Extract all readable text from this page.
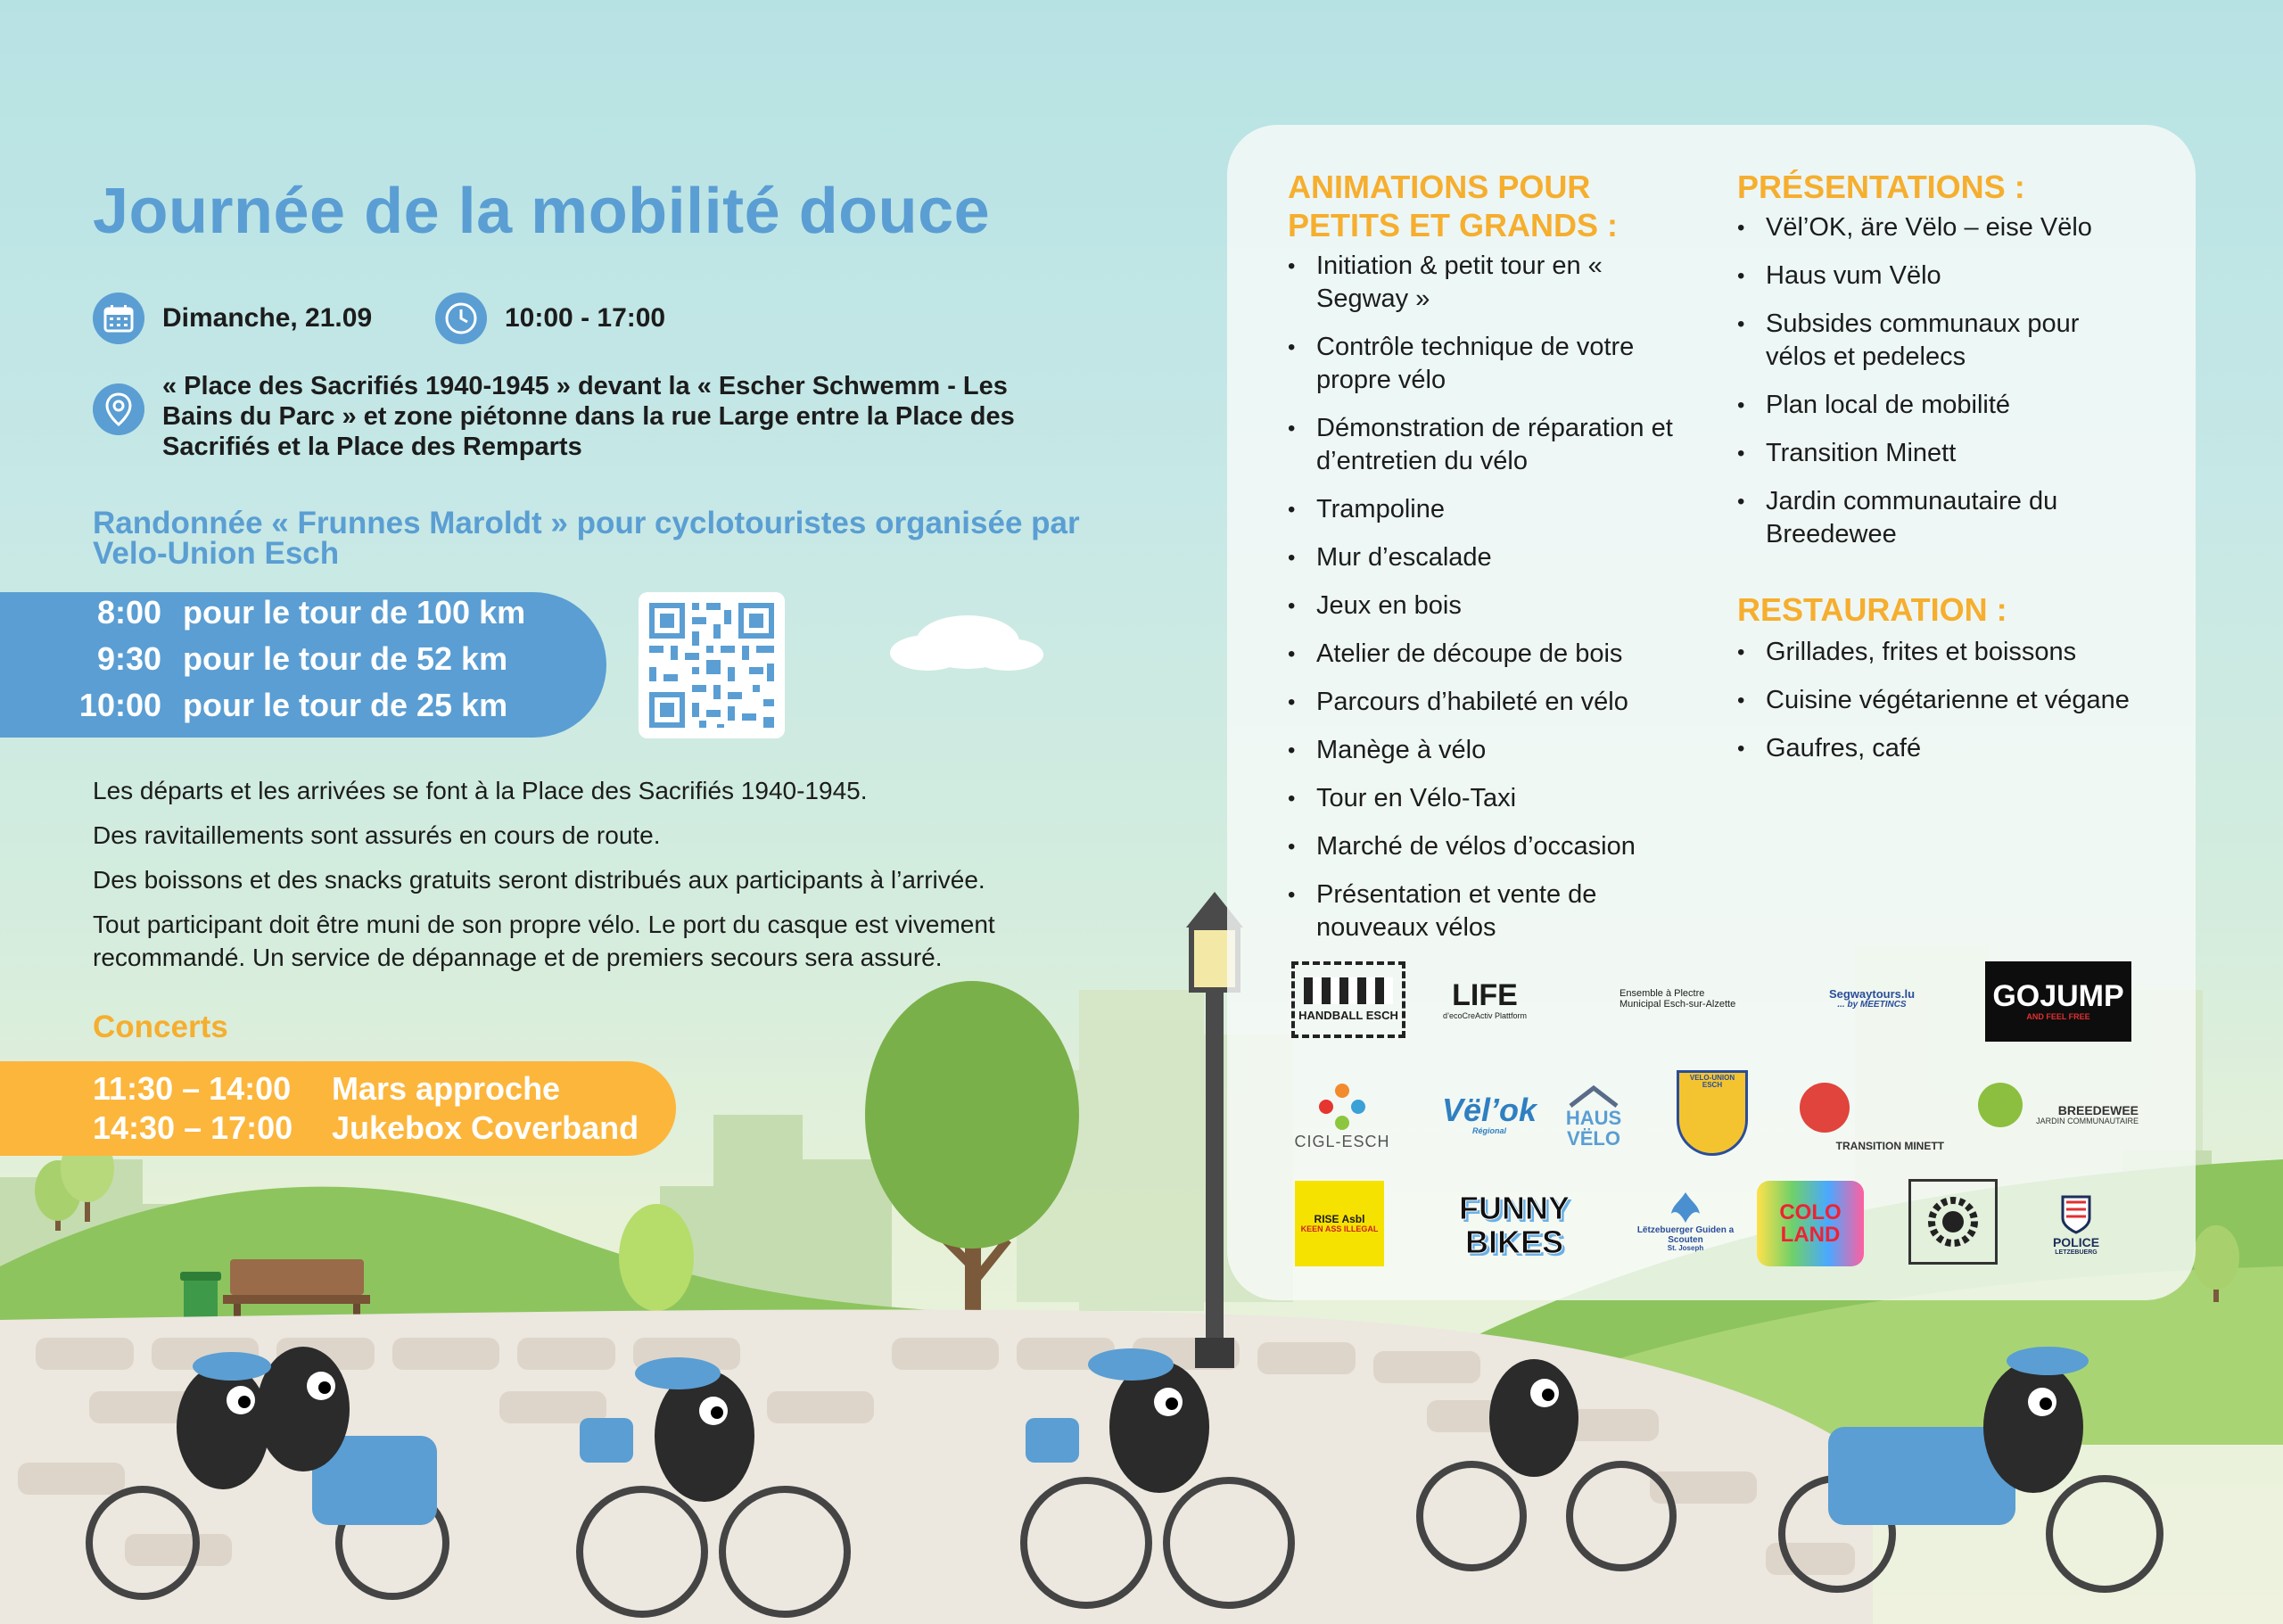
Journée de la mobilité douce
Dimanche, 21.09	10:00 - 17:00
« Place des Sacrifiés 1940-1945 » devant la « Escher Schwemm - Les Bains du Parc » et zone piétonne dans la rue Large entre la Place des Sacrifiés et la Place des Remparts
Randonnée « Frunnes Maroldt » pour cyclotouristes organisée par Velo-Union Esch
8:00 pour le tour de 100 km
9:30 pour le tour de 52 km
10:00 pour le tour de 25 km

Les départs et les arrivées se font à la Place des Sacrifiés 1940-1945.

Des ravitaillements sont assurés en cours de route.

Des boissons et des snacks gratuits seront distribués aux participants à l’arrivée.

Tout participant doit être muni de son propre vélo. Le port du casque est vivement recommandé. Un service de dépannage et de premiers secours sera assuré.

Concerts
11:30 – 14:00	Mars approche
14:30 – 17:00	Jukebox Coverband
ANIMATIONS POUR PETITS ET GRANDS :
• Initiation & petit tour en « Segway »
• Contrôle technique de votre propre vélo
• Démonstration de réparation et d’entretien du vélo
• Trampoline
• Mur d’escalade
• Jeux en bois
• Atelier de découpe de bois
• Parcours d’habileté en vélo
• Manège à vélo
• Tour en Vélo-Taxi
• Marché de vélos d’occasion
• Présentation et vente de nouveaux vélos
PRÉSENTATIONS :
• Vël’OK, äre Vëlo – eise Vëlo
• Haus vum Vëlo
• Subsides communaux pour vélos et pedelecs
• Plan local de mobilité
• Transition Minett
• Jardin communautaire du Breedewee
RESTAURATION :
• Grillades, frites et boissons
• Cuisine végétarienne et végane
• Gaufres, café
HANDBALL ESCH
LIFE
d’ecoCreActiv Plattform
Ensemble à Plectre Municipal Esch-sur-Alzette
Segwaytours.lu
... by MEETINCS	GOJUMP
AND FEEL FREE
CIGL-ESCH
Vël’ok
Régional
HAUS VËLO
VELO-UNION ESCH
TRANSITION MINETT
BREEDEWEE
JARDIN COMMUNAUTAIRE
RISE Asbl
KEEN ASS ILLEGAL
FUNNY BIKES	Lëtzebuerger Guiden a Scouten
St. Joseph
COLO LAND	POLICE
LETZEBUERG
